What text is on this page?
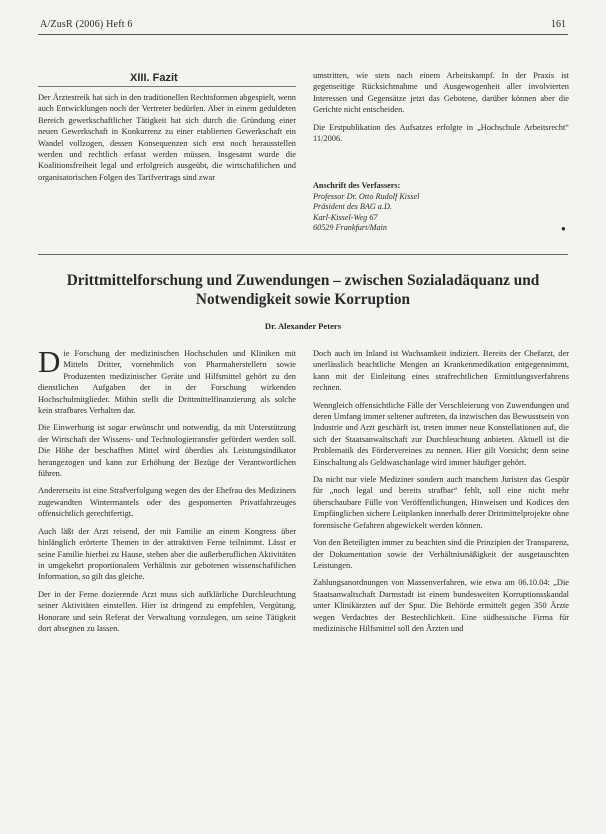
A/ZusR (2006) Heft 6	161
XIII. Fazit

Der Ärztestreik hat sich in den traditionellen Rechtsformen abgespielt, wenn auch Entwicklungen noch der Vertreter bedürfen. Aber in einem geduldeten Bereich gewerkschaftlicher Tätigkeit hat sich durch die Gründung einer neuen Gewerkschaft in Konkurrenz zu einer etablierten Gewerkschaft ein Wandel vollzogen, dessen Konsequenzen sich erst noch herausstellen werden und rechtlich erfasst werden müssen. Insgesamt wurde die Koalitionsfreiheit legal und erfolgreich ausgeübt, die wirtschaftlichen und organisatorischen Folgen des Tarifvertrags sind zwar

umstritten, wie stets nach einem Arbeitskampf. In der Praxis ist gegenseitige Rücksichtnahme und Ausgewogenheit aller involvierten Interessen und Gegensätze jetzt das Gebotene, darüber können aber die Gerichte nicht entscheiden.

Die Erstpublikation des Aufsatzes erfolgte in „Hochschule Arbeitsrecht“ 11/2006.

Anschrift des Verfassers:
Professor Dr. Otto Rudolf Kissel
Präsident des BAG a.D.
Karl-Kissel-Weg 67
60529 Frankfurt/Main	●
Drittmittelforschung und Zuwendungen – zwischen Sozialadäquanz und
Notwendigkeit sowie Korruption
Dr. Alexander Peters

Die Forschung der medizinischen Hochschulen und Kliniken mit Mitteln Dritter, vornehmlich von Pharmaherstellern sowie Produzenten medizinischer Geräte und Hilfsmittel gehört zu den dienstlichen Aufgaben der in der Forschung wirkenden Hochschulmitglieder. Mithin stellt die Drittmittelfinanzierung als solche kein strafbares Verhalten dar.

Die Einwerbung ist sogar erwünscht und notwendig, da mit Unterstützung der Wirtschaft der Wissens- und Technologietransfer gefördert werden soll. Die Höhe der beschafften Mittel wird überdies als Leistungsindikator herangezogen und kann zur Erhöhung der Bezüge der Verantwortlichen führen.

Andererseits ist eine Strafverfolgung wegen des der Ehefrau des Mediziners zugewandten Wintermantels oder des gesponserten Privatfahrzeuges offensichtlich gerechtfertigt.

Auch läßt der Arzt reisend, der mit Familie an einem Kongress über hinlänglich erörterte Themen in der attraktiven Ferne teilnimmt. Lässt er seine Familie hierbei zu Hause, stehen aber die außerberuflichen Aktivitäten in umgekehrt proportionalem Verhältnis zur gebotenen wissenschaftlichen Information, so gilt das gleiche.

Der in der Ferne dozierende Arzt muss sich aufklärliche Durchleuchtung seiner Aktivitäten einstellen. Hier ist dringend zu empfehlen, Vergütung, Honorare und sein Referat der Verwaltung vorzulegen, um seine Tätigkeit dort absegnen zu lassen.

Doch auch im Inland ist Wachsamkeit indiziert. Bereits der Chefarzt, der unerlässlich beachtliche Mengen an Krankenmedikation entgegennimmt, kann mit der Einleitung eines strafrechtlichen Ermittlungsverfahrens rechnen.

Wenngleich offensichtliche Fälle der Verschleierung von Zuwendungen und deren Umfang immer seltener auftreten, da inzwischen das Bewusstsein von Industrie und Arzt geschärft ist, treten immer neue Konstellationen auf, die sich der Staatsanwaltschaft zur Durchleuchtung anbieten. Aktuell ist die Problematik des Fördervereines zu nennen. Hier gilt Vorsicht; denn seine Einschaltung als Geldwaschanlage wird immer häufiger gehört.

Da nicht nur viele Mediziner sondern auch manchem Juristen das Gespür für „noch legal und bereits strafbar“ fehlt, soll eine nicht mehr überschaubare Fülle von Veröffentlichungen, Hinweisen und Kodices den Empfänglichen sichere Leitplanken innerhalb derer Drittmittelprojekte ohne forensische Gefahren abgewickelt werden können.

Von den Beteiligten immer zu beachten sind die Prinzipien der Transparenz, der Dokumentation sowie der Verhältnismäßigkeit der ausgetauschten Leistungen.

Zahlungsanordnungen von Massenverfahren, wie etwa am 06.10.04: „Die Staatsanwaltschaft Darmstadt ist einem bundesweiten Korruptionsskandal unter Klinikärzten auf der Spur. Die Behörde ermittelt gegen 350 Ärzte wegen Verdachtes der Bestechlichkeit. Eine südhessische Firma für medizinische Hilfsmittel soll den Ärzten und
